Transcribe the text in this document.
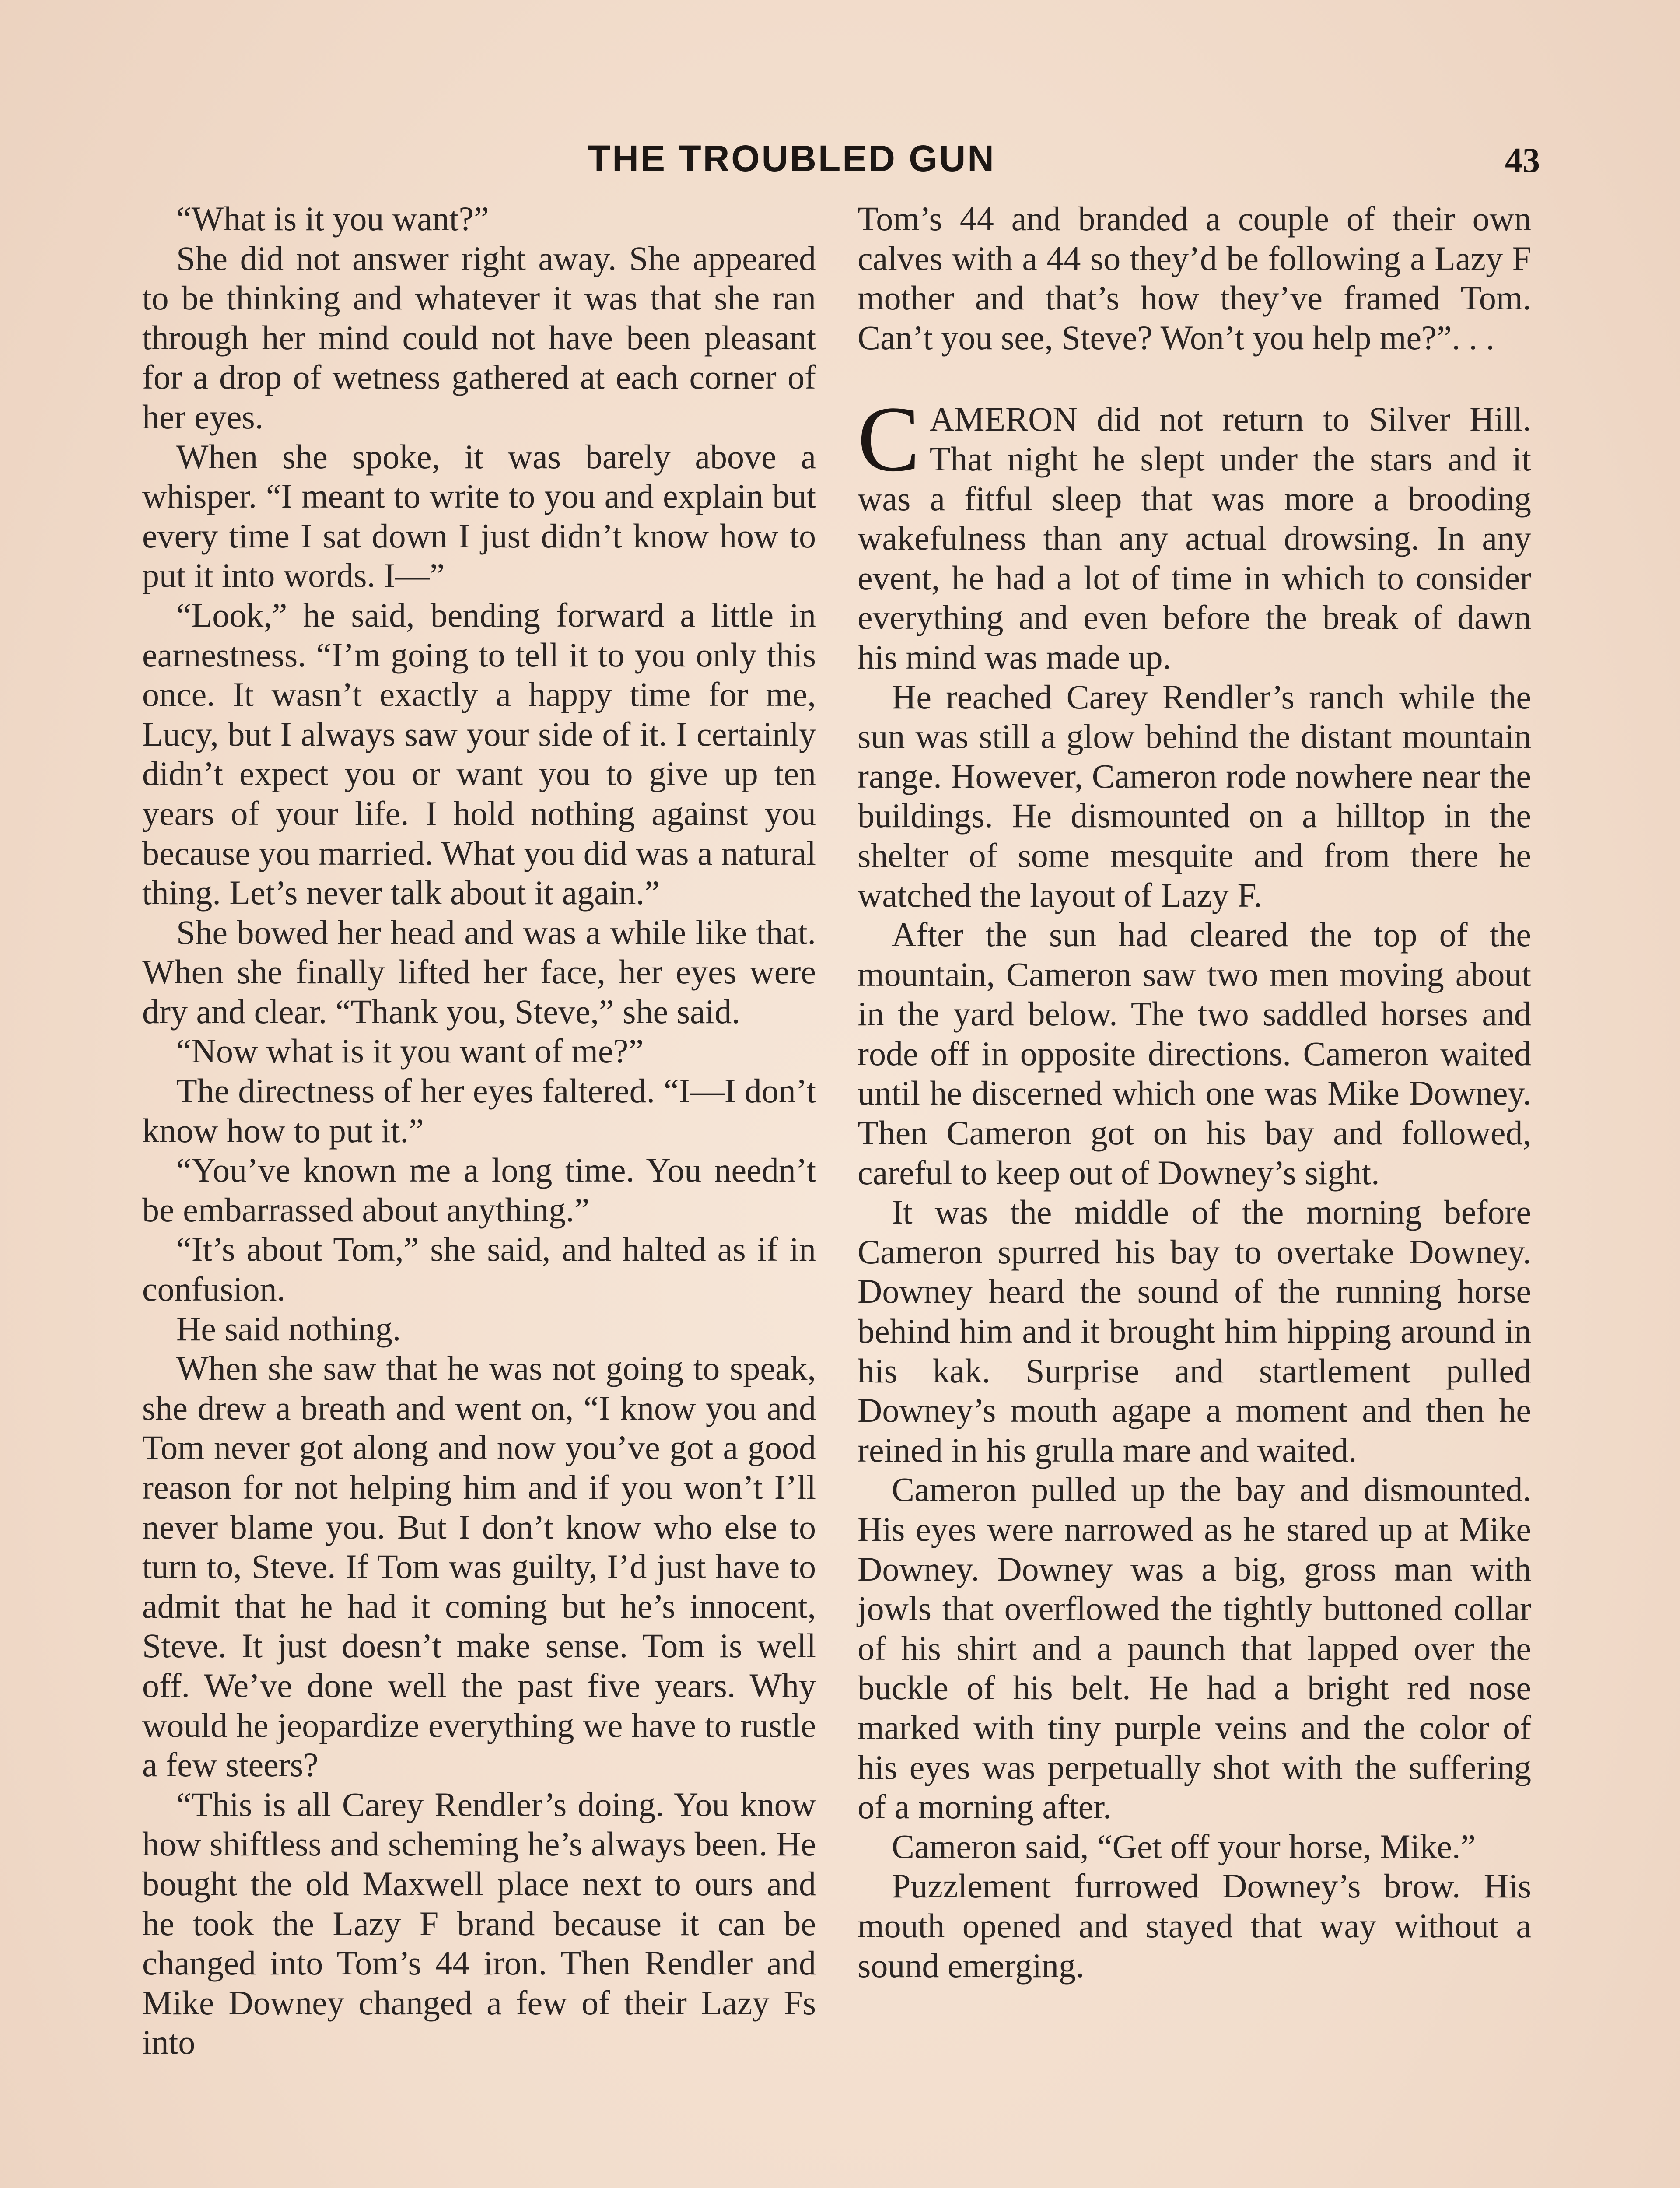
THE TROUBLED GUN	43

“What is it you want?”

She did not answer right away. She appeared to be thinking and whatever it was that she ran through her mind could not have been pleasant for a drop of wetness gathered at each corner of her eyes.

When she spoke, it was barely above a whisper. “I meant to write to you and explain but every time I sat down I just didn’t know how to put it into words. I—”

“Look,” he said, bending forward a little in earnestness. “I’m going to tell it to you only this once. It wasn’t exactly a happy time for me, Lucy, but I always saw your side of it. I certainly didn’t expect you or want you to give up ten years of your life. I hold nothing against you because you married. What you did was a natural thing. Let’s never talk about it again.”

She bowed her head and was a while like that. When she finally lifted her face, her eyes were dry and clear. “Thank you, Steve,” she said.

“Now what is it you want of me?”

The directness of her eyes faltered. “I—I don’t know how to put it.”

“You’ve known me a long time. You needn’t be embarrassed about anything.”

“It’s about Tom,” she said, and halted as if in confusion.

He said nothing.

When she saw that he was not going to speak, she drew a breath and went on, “I know you and Tom never got along and now you’ve got a good reason for not helping him and if you won’t I’ll never blame you. But I don’t know who else to turn to, Steve. If Tom was guilty, I’d just have to admit that he had it coming but he’s innocent, Steve. It just doesn’t make sense. Tom is well off. We’ve done well the past five years. Why would he jeopardize everything we have to rustle a few steers?

“This is all Carey Rendler’s doing. You know how shiftless and scheming he’s always been. He bought the old Maxwell place next to ours and he took the Lazy F brand because it can be changed into Tom’s 44 iron. Then Rendler and Mike Downey changed a few of their Lazy Fs into

Tom’s 44 and branded a couple of their own calves with a 44 so they’d be following a Lazy F mother and that’s how they’ve framed Tom. Can’t you see, Steve? Won’t you help me?”. . .

CAMERON did not return to Silver Hill. That night he slept under the stars and it was a fitful sleep that was more a brooding wakefulness than any actual drowsing. In any event, he had a lot of time in which to consider everything and even before the break of dawn his mind was made up.

He reached Carey Rendler’s ranch while the sun was still a glow behind the distant mountain range. However, Cameron rode nowhere near the buildings. He dismounted on a hilltop in the shelter of some mesquite and from there he watched the layout of Lazy F.

After the sun had cleared the top of the mountain, Cameron saw two men moving about in the yard below. The two saddled horses and rode off in opposite directions. Cameron waited until he discerned which one was Mike Downey. Then Cameron got on his bay and followed, careful to keep out of Downey’s sight.

It was the middle of the morning before Cameron spurred his bay to overtake Downey. Downey heard the sound of the running horse behind him and it brought him hipping around in his kak. Surprise and startlement pulled Downey’s mouth agape a moment and then he reined in his grulla mare and waited.

Cameron pulled up the bay and dismounted. His eyes were narrowed as he stared up at Mike Downey. Downey was a big, gross man with jowls that overflowed the tightly buttoned collar of his shirt and a paunch that lapped over the buckle of his belt. He had a bright red nose marked with tiny purple veins and the color of his eyes was perpetually shot with the suffering of a morning after.

Cameron said, “Get off your horse, Mike.”

Puzzlement furrowed Downey’s brow. His mouth opened and stayed that way without a sound emerging.
